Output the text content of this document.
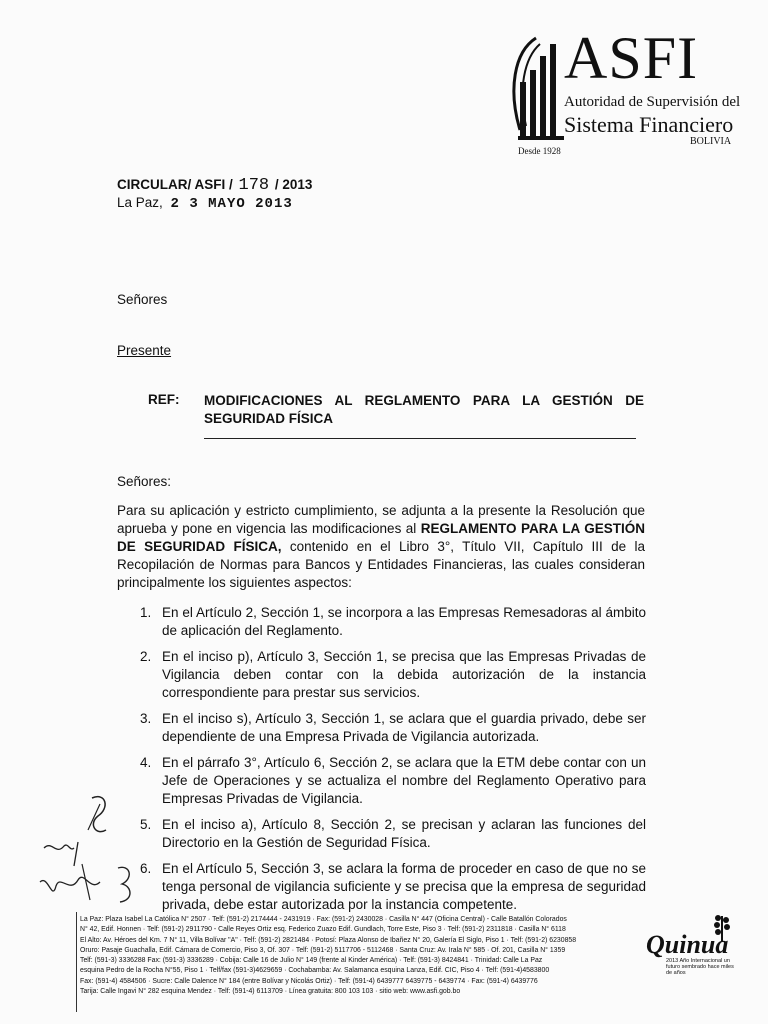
ASFI
Autoridad de Supervisión del
Sistema Financiero
BOLIVIA
Desde 1928
CIRCULAR/ ASFI / 178 / 2013
La Paz, 2 3 MAYO 2013
Señores
Presente
REF: MODIFICACIONES AL REGLAMENTO PARA LA GESTIÓN DE SEGURIDAD FÍSICA
Señores:
Para su aplicación y estricto cumplimiento, se adjunta a la presente la Resolución que aprueba y pone en vigencia las modificaciones al REGLAMENTO PARA LA GESTIÓN DE SEGURIDAD FÍSICA, contenido en el Libro 3°, Título VII, Capítulo III de la Recopilación de Normas para Bancos y Entidades Financieras, las cuales consideran principalmente los siguientes aspectos:
1. En el Artículo 2, Sección 1, se incorpora a las Empresas Remesadoras al ámbito de aplicación del Reglamento.
2. En el inciso p), Artículo 3, Sección 1, se precisa que las Empresas Privadas de Vigilancia deben contar con la debida autorización de la instancia correspondiente para prestar sus servicios.
3. En el inciso s), Artículo 3, Sección 1, se aclara que el guardia privado, debe ser dependiente de una Empresa Privada de Vigilancia autorizada.
4. En el párrafo 3°, Artículo 6, Sección 2, se aclara que la ETM debe contar con un Jefe de Operaciones y se actualiza el nombre del Reglamento Operativo para Empresas Privadas de Vigilancia.
5. En el inciso a), Artículo 8, Sección 2, se precisan y aclaran las funciones del Directorio en la Gestión de Seguridad Física.
6. En el Artículo 5, Sección 3, se aclara la forma de proceder en caso de que no se tenga personal de vigilancia suficiente y se precisa que la empresa de seguridad privada, debe estar autorizada por la instancia competente.
La Paz: Plaza Isabel La Católica N° 2507 · Telf: (591-2) 2174444 - 2431919 · Fax: (591-2) 2430028 · Casilla N° 447 (Oficina Central) - Calle Batallón Colorados
N° 42, Edif. Honnen · Telf: (591-2) 2911790 - Calle Reyes Ortiz esq. Federico Zuazo Edif. Gundlach, Torre Este, Piso 3 · Telf: (591-2) 2311818 · Casilla N° 6118
El Alto: Av. Héroes del Km. 7 N° 11, Villa Bolívar "A" · Telf: (591-2) 2821484 · Potosí: Plaza Alonso de Ibañez N° 20, Galería El Siglo, Piso 1 · Telf: (591-2) 6230858
Oruro: Pasaje Guachalla, Edif. Cámara de Comercio, Piso 3, Of. 307 · Telf: (591-2) 5117706 - 5112468 · Santa Cruz: Av. Irala N° 585 · Of. 201, Casilla N° 1359
Telf: (591-3) 3336288 Fax: (591-3) 3336289 · Cobija: Calle 16 de Julio N° 149 (frente al Kinder América) · Telf: (591-3) 8424841 · Trinidad: Calle La Paz
esquina Pedro de la Rocha N°55, Piso 1 · Telf/fax (591-3)4629659 · Cochabamba: Av. Salamanca esquina Lanza, Edif. CIC, Piso 4 · Telf: (591-4)4583800
Fax: (591-4) 4584506 · Sucre: Calle Dalence N° 184 (entre Bolívar y Nicolás Ortiz) · Telf: (591-4) 6439777 6439775 - 6439774 · Fax: (591-4) 6439776
Tarija: Calle Ingavi N° 282 esquina Mendez · Telf: (591-4) 6113709 · Línea gratuita: 800 103 103 · sitio web: www.asfi.gob.bo
Quinua
2013 Año Internacional un futuro sembrado hace miles de años
